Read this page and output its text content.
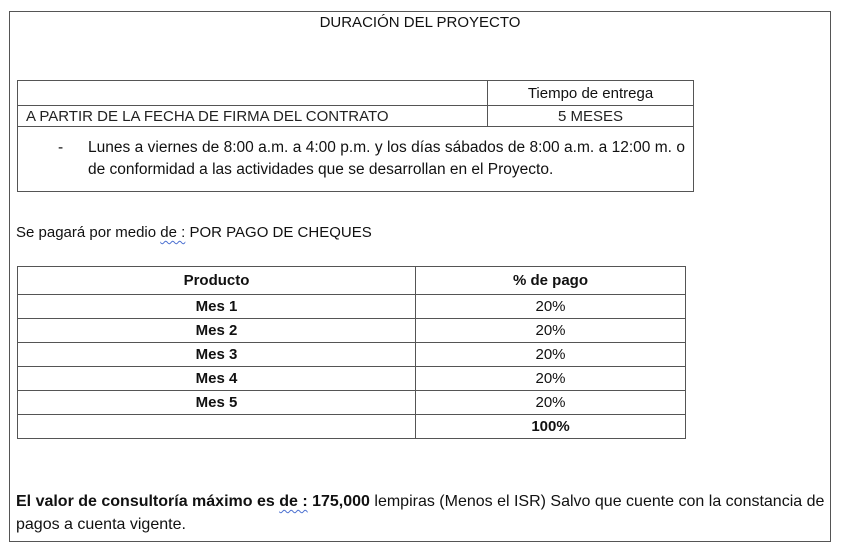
DURACIÓN DEL PROYECTO
	Tiempo de entrega
A PARTIR DE LA FECHA DE FIRMA DEL CONTRATO	5 MESES

- Lunes a viernes de 8:00 a.m. a 4:00 p.m. y los días sábados de 8:00 a.m. a 12:00 m. o de conformidad a las actividades que se desarrollan en el Proyecto.	
Se pagará por medio de : POR PAGO DE CHEQUES
Producto	% de pago
Mes 1	20%
Mes 2	20%
Mes 3	20%
Mes 4	20%
Mes 5	20%
	100%
El valor de consultoría máximo es de : 175,000 lempiras (Menos el ISR) Salvo que cuente con la constancia de pagos a cuenta vigente.
